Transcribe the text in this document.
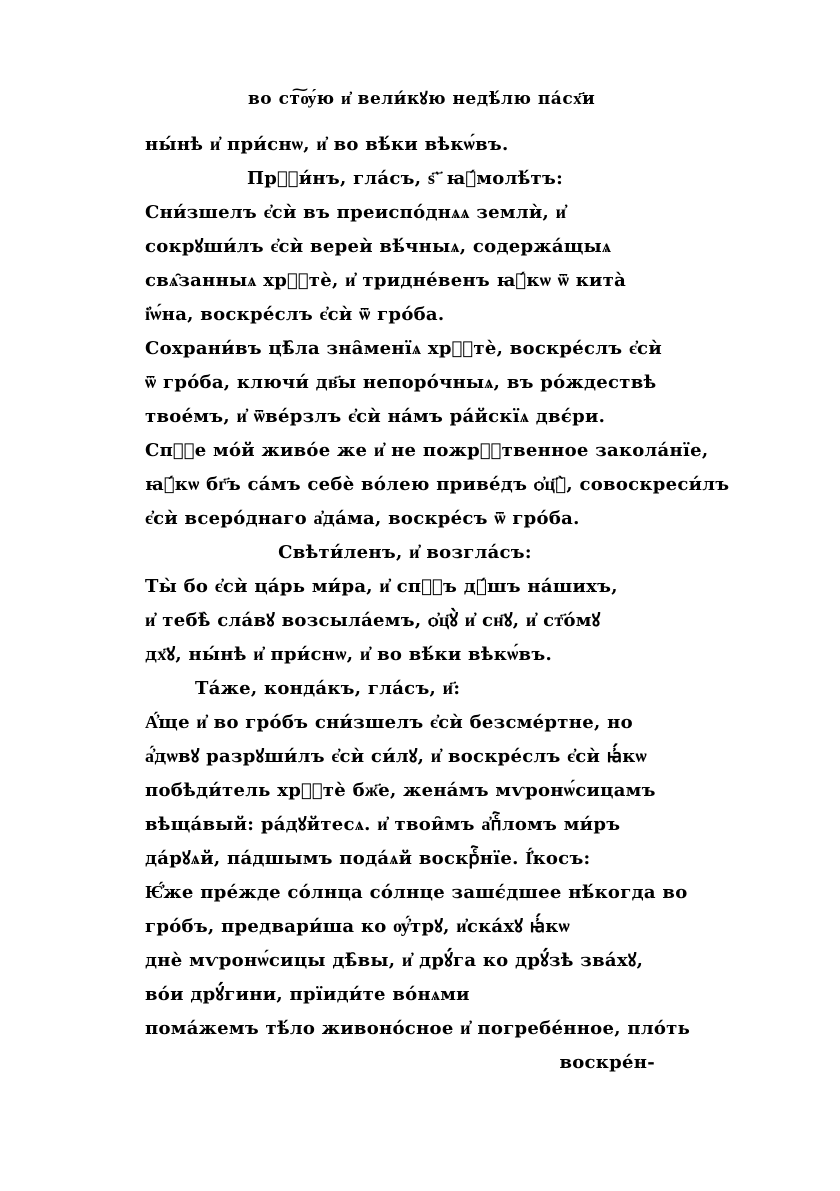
во ст͠ѹ́ю и҆ вели́кꙋю недѣ́лю па́сх҃и
ны́нѣ и҆ при́снѡ, и҆ во вѣ́ки вѣкѡ́въ.
Прⷭ҇и́нъ, гла́съ, ѕ҃ ҃ ꙗ҆́молѣ́тъ:
Сни́зшелъ є҆сѝ въ преиспо́днѧѧ землѝ, и҆
сокрꙋши́лъ є҆сѝ вереѝ вѣ́чныѧ, содержа́щыѧ
свѧ̑занныѧ хрⷭ҇тѐ, и҆ тридне́венъ ꙗ҆́кѡ ѿ кита̀
і҆ѡ́на, воскре́слъ є҆сѝ ѿ гро́ба.
Сохрани́въ цѣ̑ла зна̑менїѧ хрⷭ҇тѐ, воскре́слъ є҆сѝ
ѿ гро́ба, ключи́ дв҃ы непоро́чныѧ, въ ро́ждествѣ
твое́мъ, и҆ ѿве́рзлъ є҆сѝ на́мъ ра́йскїѧ двє́ри.
Спⷭ҇е мо́й живо́е же и҆ не пожрⷭ҇твенное закола́нїе,
ꙗ҆́кѡ бг҃ъ са́мъ себѐ во́лею приве́дъ ѻ҆ц҃ꙋ̀, совоскреси́лъ
є҆сѝ всеро́днаго а҆да́ма, воскре́съ ѿ гро́ба.
Свѣти́ленъ, и҆ возгла́съ:
Ты̀ бо є҆сѝ ца́рь ми́ра, и҆ спⷭ҇ъ дꙋ́шъ на́шихъ,
и҆ тебѣ̀ сла́вꙋ возсыла́емъ, ѻ҆ц҃ꙋ̀ и҆ сн҃ꙋ, и҆ ст҃о́мꙋ
дх҃ꙋ, ны́нѣ и҆ при́снѡ, и҆ во вѣ́ки вѣкѡ́въ.
Та́же, конда́къ, гла́съ, и҃:
А҆́ще и҆ во гро́бъ сни́зшелъ є҆сѝ безсме́ртне, но
а҆́дѡвꙋ разрꙋши́лъ є҆сѝ си́лꙋ, и҆ воскре́слъ є҆сѝ ꙗ҆́кѡ
побѣди́тель хрⷭ҇тѐ бж҃е, жена́мъ мѵронѡ́сицамъ
вѣща́вый: ра́дꙋйтесѧ. и҆ твои̑мъ а҆пⷭ҇ломъ ми́ръ
да́рꙋѧй, па́дшымъ пода́ѧй воскрⷭ҇нїе. І҆́косъ:
Ѥ҆́же пре́жде со́лнца со́лнце зашє́дшее нѣ́когда во
гро́бъ, предвари́ша ко ѹ҆́трꙋ, и҆ска́хꙋ ꙗ҆́кѡ
днѐ мѵронѡ́сицы дѣ̑вы, и҆ дрꙋ́га ко дрꙋ́зѣ зва́хꙋ,
во́и дрꙋ́гини, прїиди́те во́нѧми
пома́жемъ тѣ́ло живоно́сное и҆ погребе́нное, пло́ть
воскре́н-
